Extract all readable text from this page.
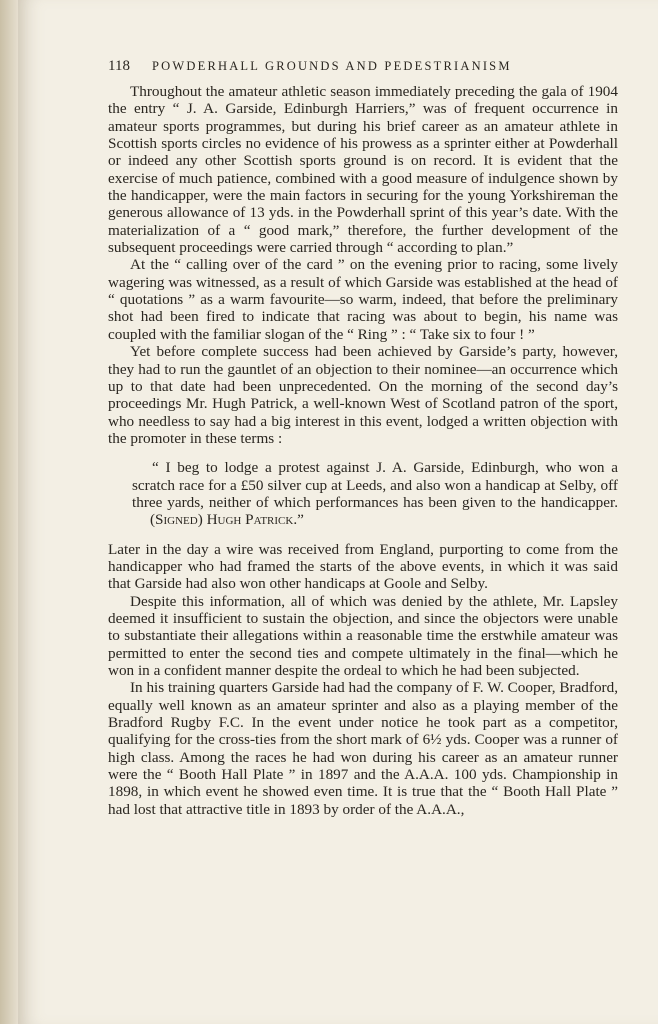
118	POWDERHALL GROUNDS AND PEDESTRIANISM

Throughout the amateur athletic season immediately preceding the gala of 1904 the entry “ J. A. Garside, Edinburgh Harriers,” was of frequent occurrence in amateur sports programmes, but during his brief career as an amateur athlete in Scottish sports circles no evidence of his prowess as a sprinter either at Powderhall or indeed any other Scottish sports ground is on record. It is evident that the exercise of much patience, combined with a good measure of indulgence shown by the handicapper, were the main factors in securing for the young Yorkshireman the generous allowance of 13 yds. in the Powderhall sprint of this year’s date. With the materialization of a “ good mark,” therefore, the further development of the subsequent proceedings were carried through “ according to plan.”

At the “ calling over of the card ” on the evening prior to racing, some lively wagering was witnessed, as a result of which Garside was established at the head of “ quotations ” as a warm favourite—so warm, indeed, that before the preliminary shot had been fired to indicate that racing was about to begin, his name was coupled with the familiar slogan of the “ Ring ” : “ Take six to four ! ”

Yet before complete success had been achieved by Garside’s party, however, they had to run the gauntlet of an objection to their nominee—an occurrence which up to that date had been unprecedented. On the morning of the second day’s proceedings Mr. Hugh Patrick, a well-known West of Scotland patron of the sport, who needless to say had a big interest in this event, lodged a written objection with the promoter in these terms :

“ I beg to lodge a protest against J. A. Garside, Edinburgh, who won a scratch race for a £50 silver cup at Leeds, and also won a handicap at Selby, off three yards, neither of which performances has been given to the handicapper.(Signed) Hugh Patrick.”

Later in the day a wire was received from England, purporting to come from the handicapper who had framed the starts of the above events, in which it was said that Garside had also won other handicaps at Goole and Selby.

Despite this information, all of which was denied by the athlete, Mr. Lapsley deemed it insufficient to sustain the objection, and since the objectors were unable to substantiate their allegations within a reasonable time the erstwhile amateur was permitted to enter the second ties and compete ultimately in the final—which he won in a confident manner despite the ordeal to which he had been subjected.

In his training quarters Garside had had the company of F. W. Cooper, Bradford, equally well known as an amateur sprinter and also as a playing member of the Bradford Rugby F.C. In the event under notice he took part as a competitor, qualifying for the cross-ties from the short mark of 6½ yds. Cooper was a runner of high class. Among the races he had won during his career as an amateur runner were the “ Booth Hall Plate ” in 1897 and the A.A.A. 100 yds. Championship in 1898, in which event he showed even time. It is true that the “ Booth Hall Plate ” had lost that attractive title in 1893 by order of the A.A.A.,
